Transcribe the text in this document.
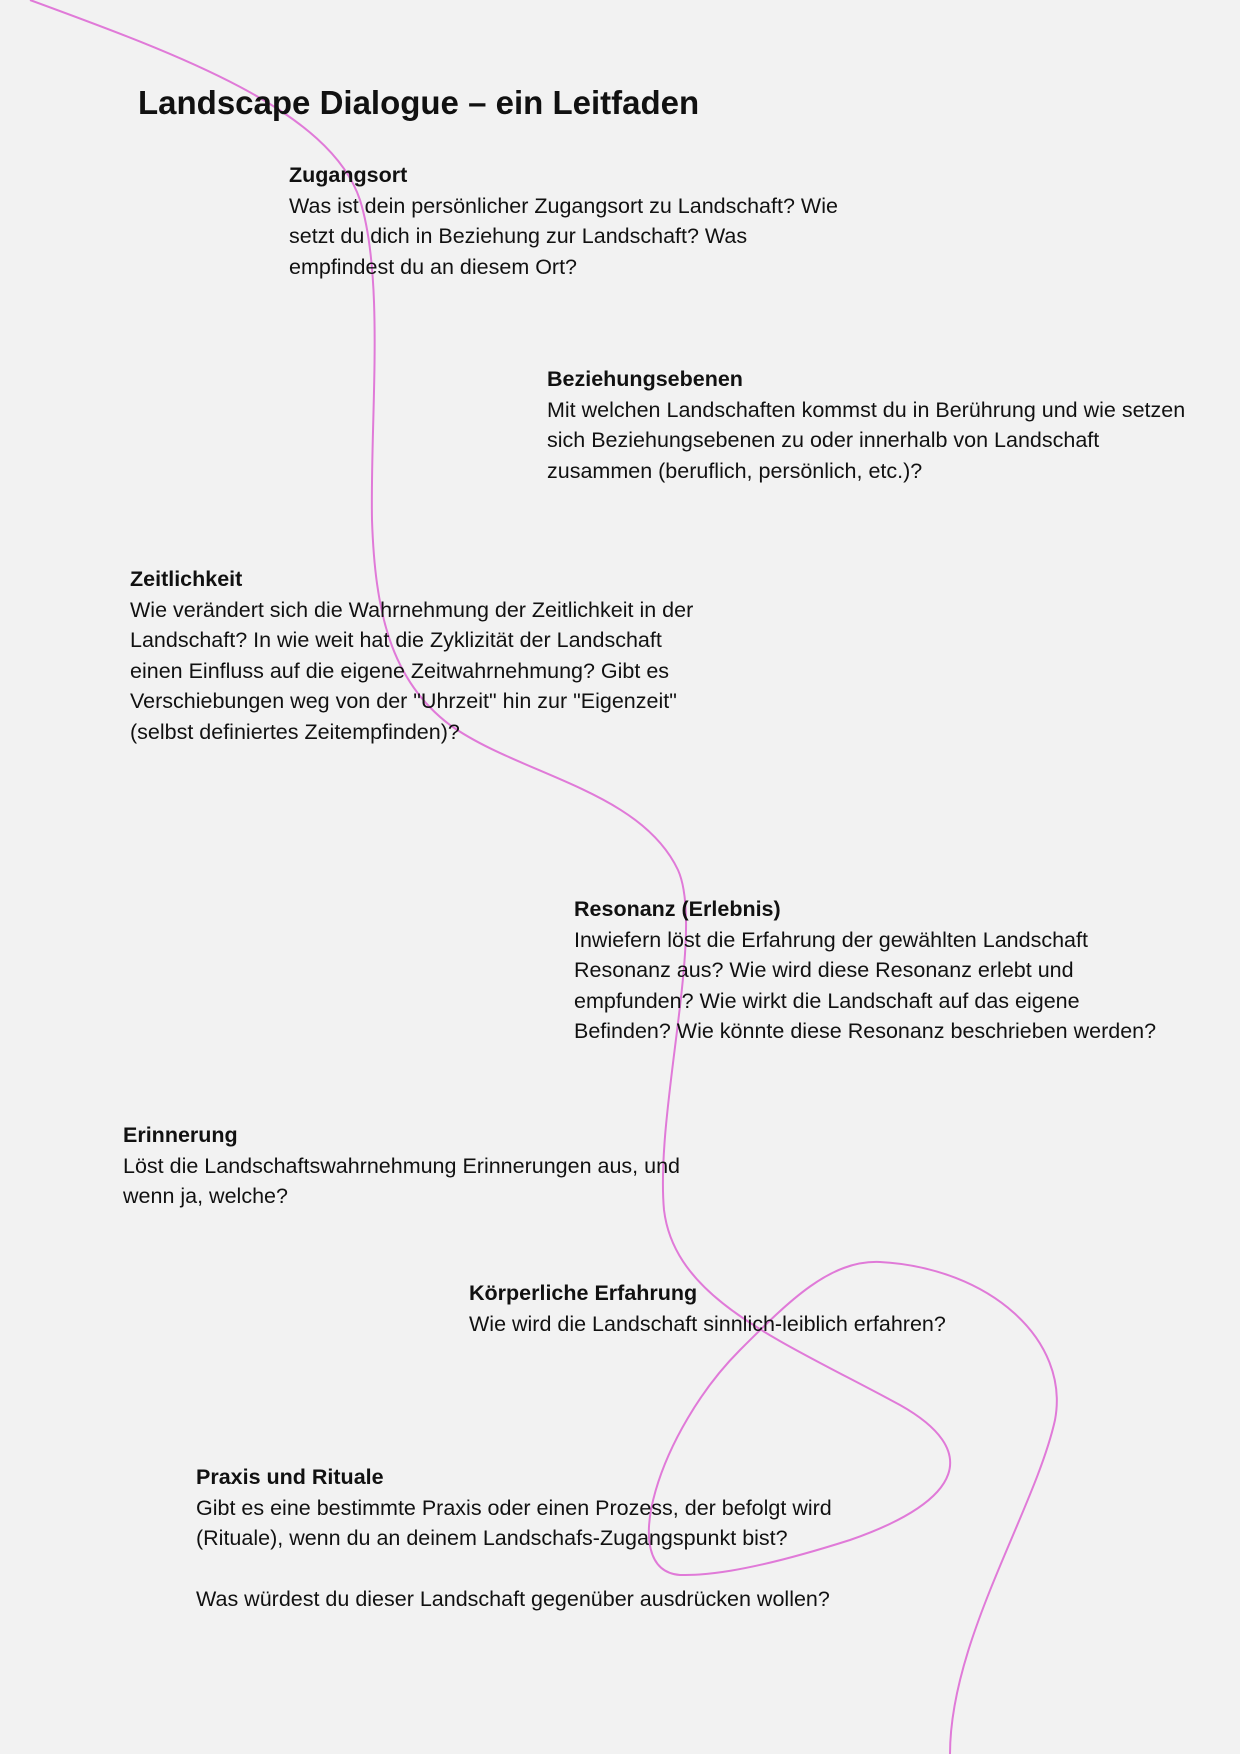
Landscape Dialogue – ein Leitfaden
Zugangsort
Was ist dein persönlicher Zugangsort zu Landschaft? Wie setzt du dich in Beziehung zur Landschaft? Was empfindest du an diesem Ort?
Beziehungsebenen
Mit welchen Landschaften kommst du in Berührung und wie setzen sich Beziehungsebenen zu oder innerhalb von Landschaft zusammen (beruflich, persönlich, etc.)?
Zeitlichkeit
Wie verändert sich die Wahrnehmung der Zeitlichkeit in der Landschaft? In wie weit hat die Zyklizität der Landschaft einen Einfluss auf die eigene Zeitwahrnehmung? Gibt es Verschiebungen weg von der "Uhrzeit" hin zur "Eigenzeit" (selbst definiertes Zeitempfinden)?
Resonanz (Erlebnis)
Inwiefern löst die Erfahrung der gewählten Landschaft Resonanz aus? Wie wird diese Resonanz erlebt und empfunden? Wie wirkt die Landschaft auf das eigene Befinden? Wie könnte diese Resonanz beschrieben werden?
Erinnerung
Löst die Landschaftswahrnehmung Erinnerungen aus, und wenn ja, welche?
Körperliche Erfahrung
Wie wird die Landschaft sinnlich-leiblich erfahren?
Praxis und Rituale
Gibt es eine bestimmte Praxis oder einen Prozess, der befolgt wird (Rituale), wenn du an deinem Landschafs-Zugangspunkt bist?
Was würdest du dieser Landschaft gegenüber ausdrücken wollen?
